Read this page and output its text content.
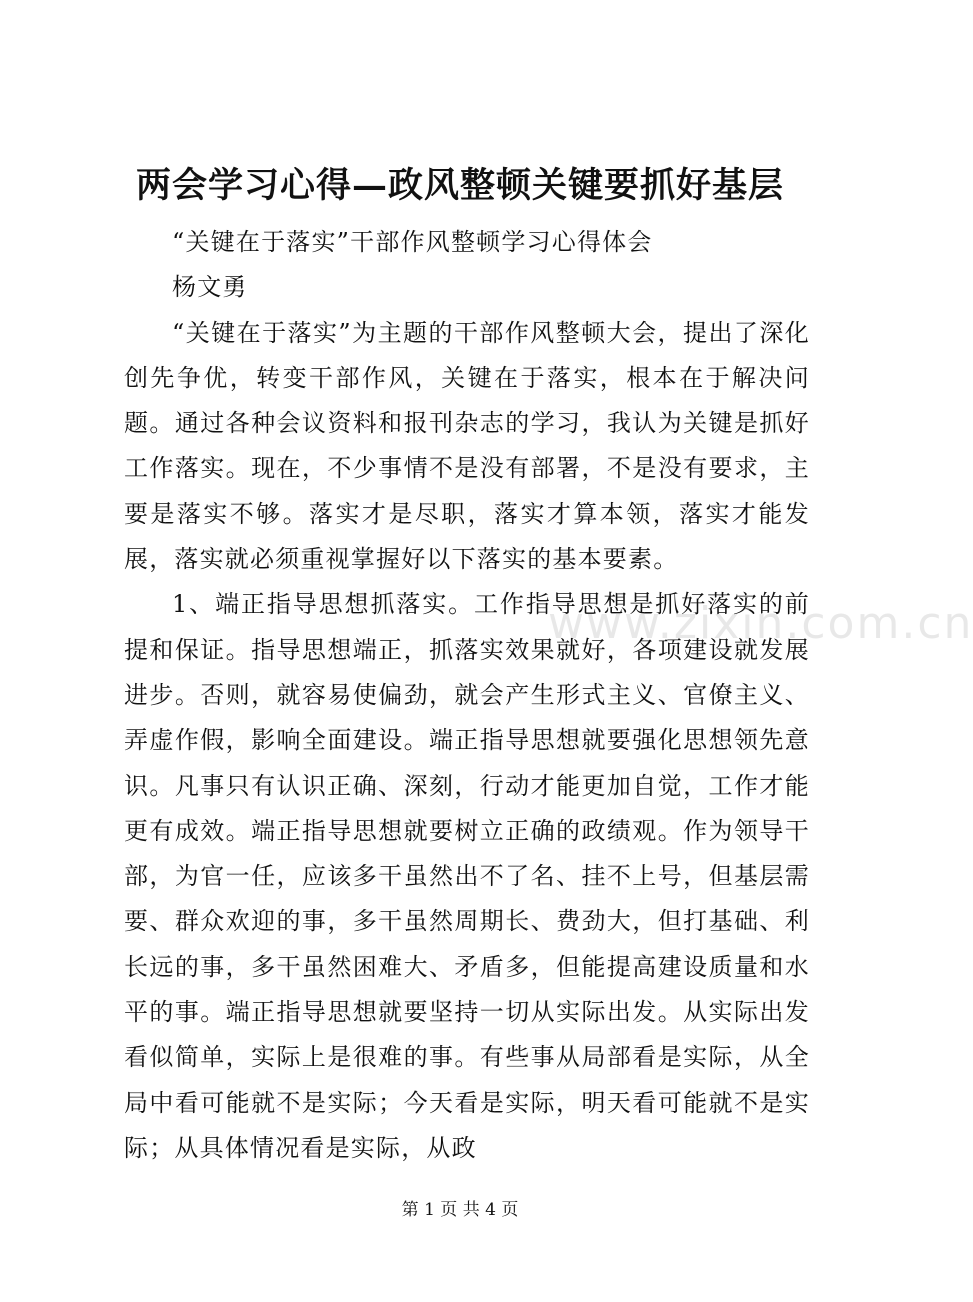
两会学习心得—政风整顿关键要抓好基层

“关键在于落实”干部作风整顿学习心得体会

杨文勇

“关键在于落实”为主题的干部作风整顿大会，提出了深化创先争优，转变干部作风，关键在于落实，根本在于解决问题。通过各种会议资料和报刊杂志的学习，我认为关键是抓好工作落实。现在，不少事情不是没有部署，不是没有要求，主要是落实不够。落实才是尽职，落实才算本领，落实才能发展，落实就必须重视掌握好以下落实的基本要素。

1、端正指导思想抓落实。工作指导思想是抓好落实的前提和保证。指导思想端正，抓落实效果就好，各项建设就发展进步。否则，就容易使偏劲，就会产生形式主义、官僚主义、弄虚作假，影响全面建设。端正指导思想就要强化思想领先意识。凡事只有认识正确、深刻，行动才能更加自觉，工作才能更有成效。端正指导思想就要树立正确的政绩观。作为领导干部，为官一任，应该多干虽然出不了名、挂不上号，但基层需要、群众欢迎的事，多干虽然周期长、费劲大，但打基础、利长远的事，多干虽然困难大、矛盾多，但能提高建设质量和水平的事。端正指导思想就要坚持一切从实际出发。从实际出发看似简单，实际上是很难的事。有些事从局部看是实际，从全局中看可能就不是实际；今天看是实际，明天看可能就不是实际；从具体情况看是实际，从政

www.zixin.com.cn
第 1 页 共 4 页
